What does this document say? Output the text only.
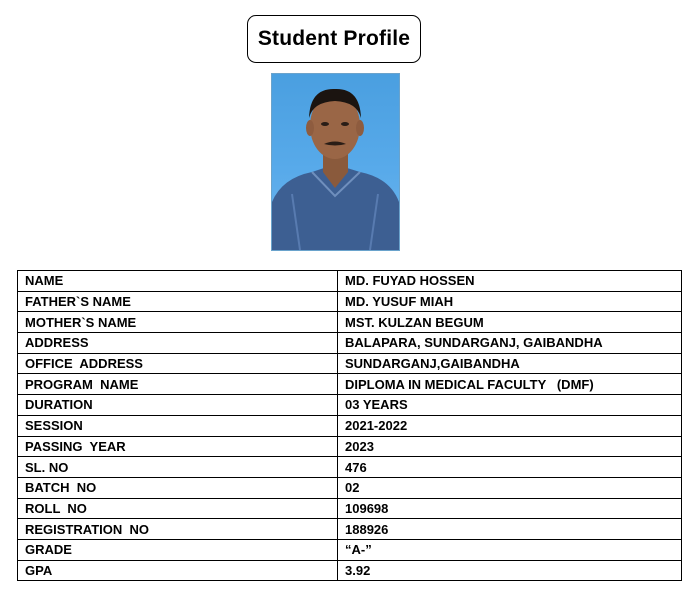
Student Profile
NAME	MD. FUYAD HOSSEN
FATHER`S NAME	MD. YUSUF MIAH
MOTHER`S NAME	MST. KULZAN BEGUM
ADDRESS	BALAPARA, SUNDARGANJ, GAIBANDHA
OFFICE  ADDRESS	SUNDARGANJ,GAIBANDHA
PROGRAM  NAME	DIPLOMA IN MEDICAL FACULTY   (DMF)
DURATION	03 YEARS
SESSION	2021-2022
PASSING  YEAR	2023
SL. NO	476
BATCH  NO	02
ROLL  NO	109698
REGISTRATION  NO	188926
GRADE	“A-”
GPA	3.92
